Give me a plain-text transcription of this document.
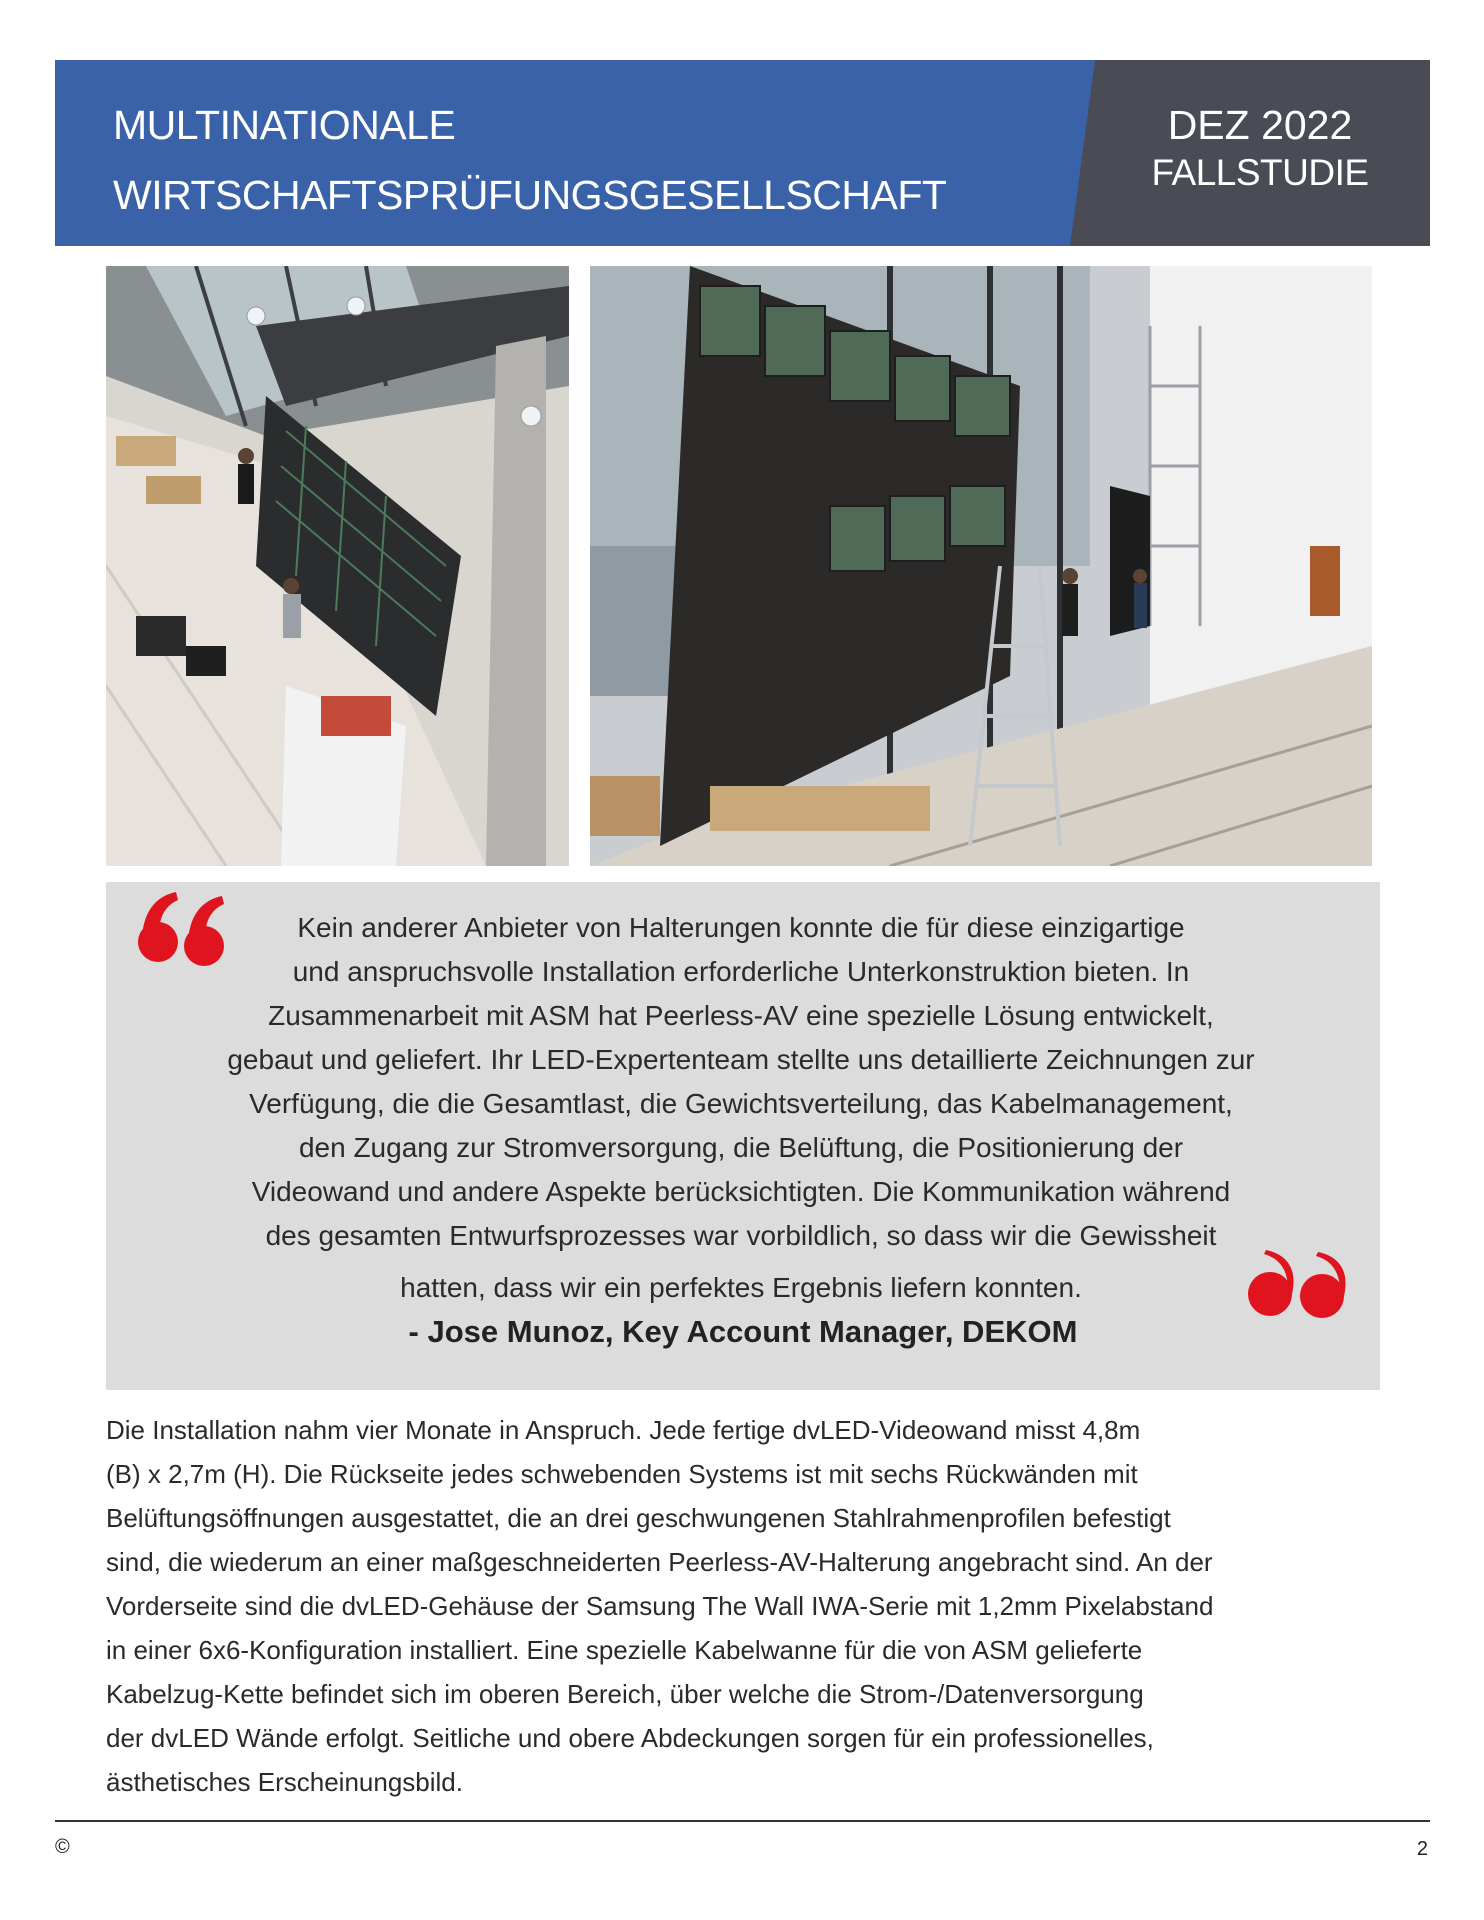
MULTINATIONALE
WIRTSCHAFTSPRÜFUNGSGESELLSCHAFT
DEZ 2022
FALLSTUDIE
Kein anderer Anbieter von Halterungen konnte die für diese einzigartige
und anspruchsvolle Installation erforderliche Unterkonstruktion bieten. In
Zusammenarbeit mit ASM hat Peerless-AV eine spezielle Lösung entwickelt,
gebaut und geliefert. Ihr LED-Expertenteam stellte uns detaillierte Zeichnungen zur
Verfügung, die die Gesamtlast, die Gewichtsverteilung, das Kabelmanagement,
den Zugang zur Stromversorgung, die Belüftung, die Positionierung der
Videowand und andere Aspekte berücksichtigten. Die Kommunikation während
des gesamten Entwurfsprozesses war vorbildlich, so dass wir die Gewissheit
hatten, dass wir ein perfektes Ergebnis liefern konnten.
- Jose Munoz, Key Account Manager, DEKOM
Die Installation nahm vier Monate in Anspruch. Jede fertige dvLED-Videowand misst 4,8m
(B) x 2,7m (H). Die Rückseite jedes schwebenden Systems ist mit sechs Rückwänden mit
Belüftungsöffnungen ausgestattet, die an drei geschwungenen Stahlrahmenprofilen befestigt
sind, die wiederum an einer maßgeschneiderten Peerless-AV-Halterung angebracht sind. An der
Vorderseite sind die dvLED-Gehäuse der Samsung The Wall IWA-Serie mit 1,2mm Pixelabstand
in einer 6x6-Konfiguration installiert. Eine spezielle Kabelwanne für die von ASM gelieferte
Kabelzug-Kette befindet sich im oberen Bereich, über welche die Strom-/Datenversorgung
der dvLED Wände erfolgt. Seitliche und obere Abdeckungen sorgen für ein professionelles,
ästhetisches Erscheinungsbild.
©	2
